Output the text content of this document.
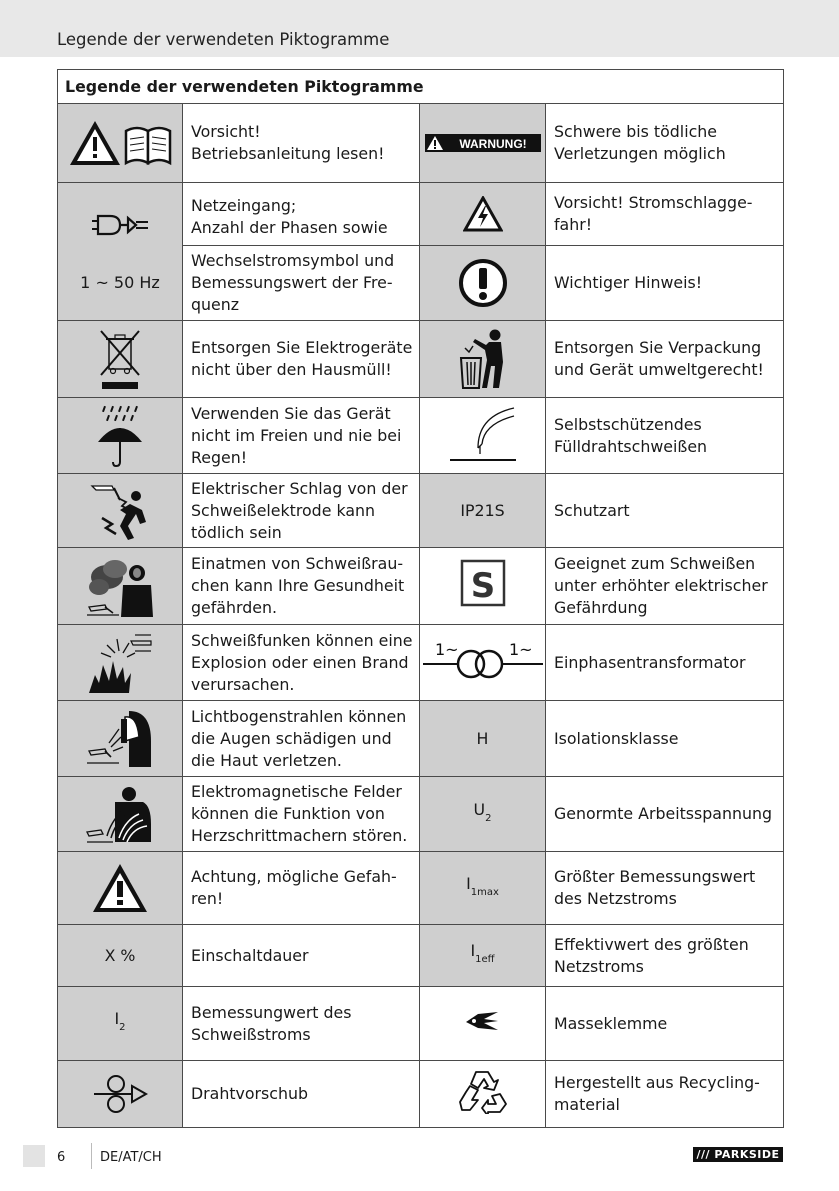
Legende der verwendeten Piktogramme
Legende der verwendeten Piktogramme			

	Vorsicht!
Betriebsanleitung lesen!	WARNUNG!	Schwere bis tödliche
Verletzungen möglich

1 ~ 50 Hz	Netzeingang;
Anzahl der Phasen sowie		Vorsicht! Stromschlagge-
fahr!
	Wechselstromsymbol und
Bemessungswert der Fre-
quenz		Wichtiger Hinweis!

	Entsorgen Sie Elektrogeräte
nicht über den Hausmüll!		Entsorgen Sie Verpackung
und Gerät umweltgerecht!

	Verwenden Sie das Gerät
nicht im Freien und nie bei
Regen!		Selbstschützendes
Fülldrahtschweißen

	Elektrischer Schlag von der
Schweißelektrode kann
tödlich sein	IP21S	Schutzart

	Einatmen von Schweißrau-
chen kann Ihre Gesundheit
gefährden.	S	Geeignet zum Schweißen
unter erhöhter elektrischer
Gefährdung

	Schweißfunken können eine
Explosion oder einen Brand
verursachen.	1~ 1~	Einphasentransformator

	Lichtbogenstrahlen können
die Augen schädigen und
die Haut verletzen.	H	Isolationsklasse

	Elektromagnetische Felder
können die Funktion von
Herzschrittmachern stören.	$U_2$	Genormte Arbeitsspannung

	Achtung, mögliche Gefah-
ren!	$I_{1max}$	Größter Bemessungswert
des Netzstroms
X %	Einschaltdauer	$I_{1eff}$	Effektivwert des größten
Netzstroms
$I_2$	Bemessungwert des
Schweißstroms		Masseklemme

	Drahtvorschub		Hergestellt aus Recycling-
material
6	DE/AT/CH	/// PARKSIDE
